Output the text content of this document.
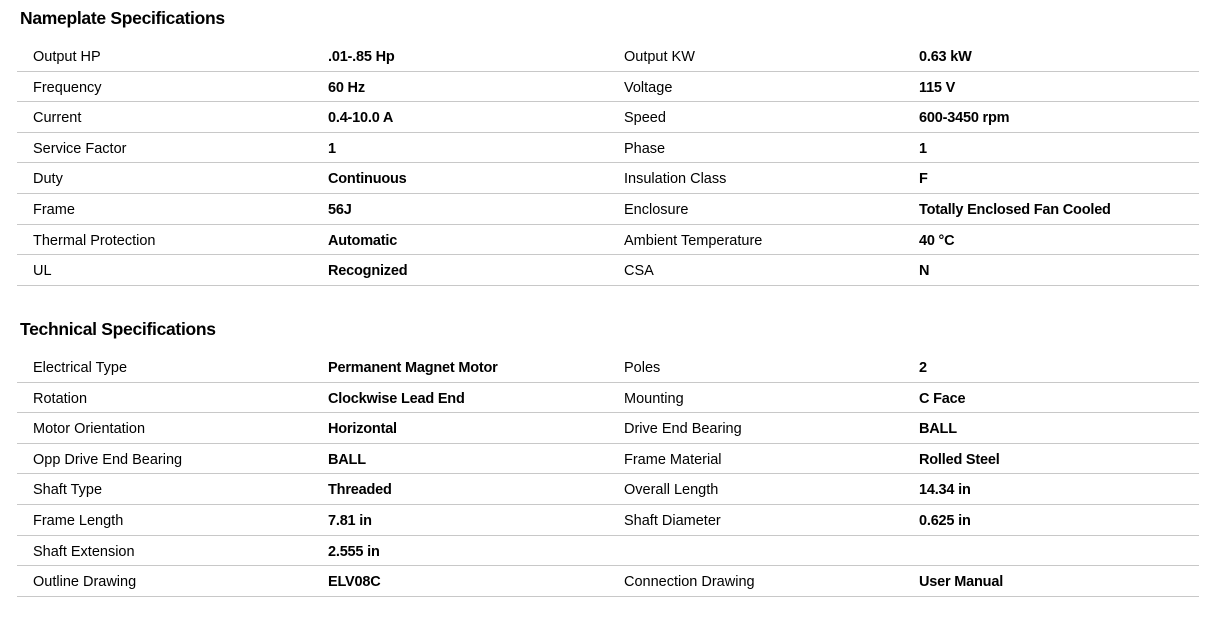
Nameplate Specifications
Output HP	.01-.85 Hp	Output KW	0.63 kW
Frequency	60 Hz	Voltage	115 V
Current	0.4-10.0 A	Speed	600-3450 rpm
Service Factor	1	Phase	1
Duty	Continuous	Insulation Class	F
Frame	56J	Enclosure	Totally Enclosed Fan Cooled
Thermal Protection	Automatic	Ambient Temperature	40 °C
UL	Recognized	CSA	N
Technical Specifications
Electrical Type	Permanent Magnet Motor	Poles	2
Rotation	Clockwise Lead End	Mounting	C Face
Motor Orientation	Horizontal	Drive End Bearing	BALL
Opp Drive End Bearing	BALL	Frame Material	Rolled Steel
Shaft Type	Threaded	Overall Length	14.34 in
Frame Length	7.81 in	Shaft Diameter	0.625 in
Shaft Extension	2.555 in
Outline Drawing	ELV08C	Connection Drawing	User Manual
